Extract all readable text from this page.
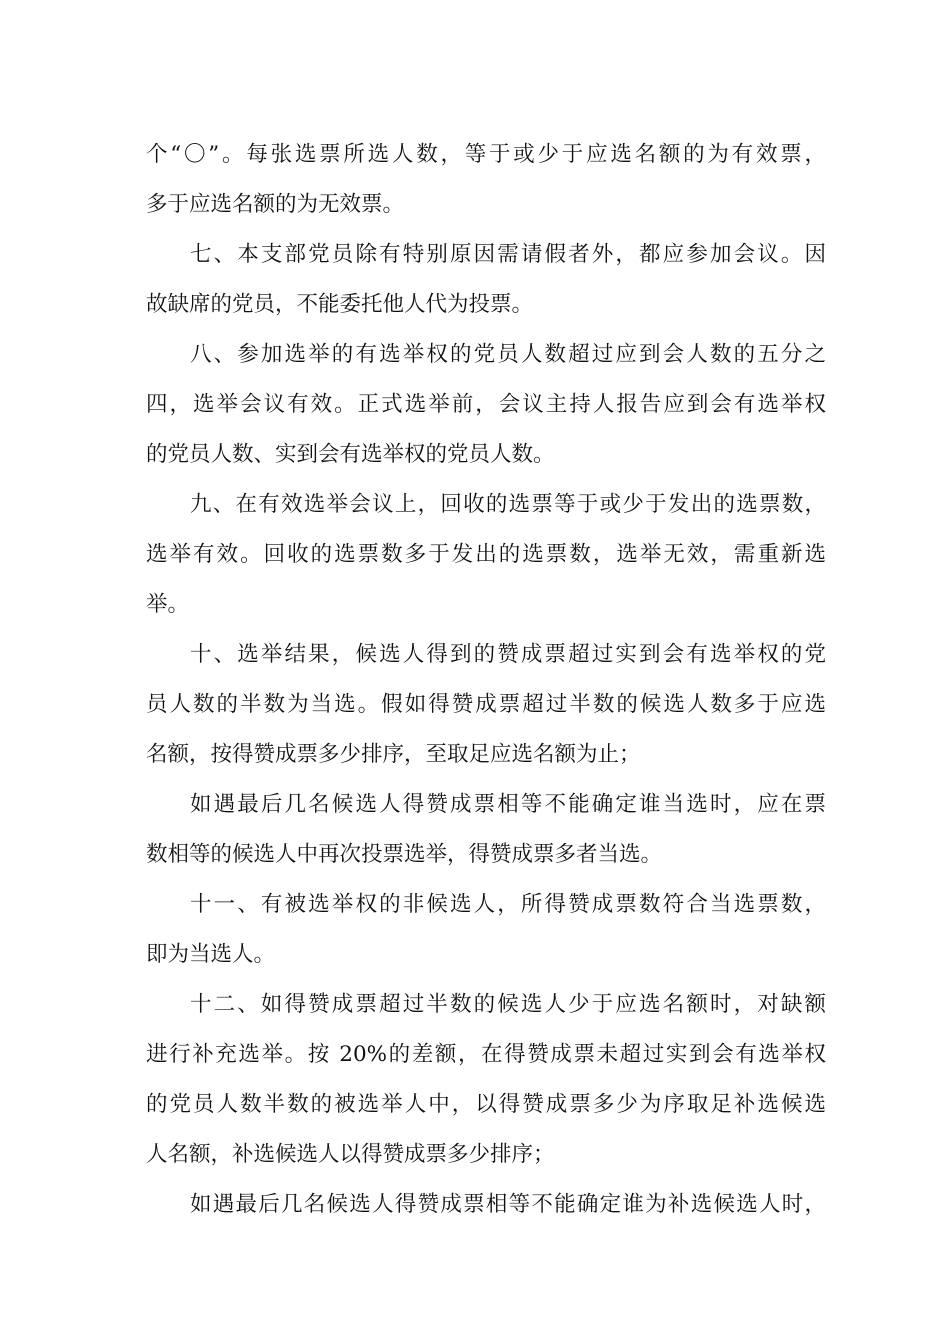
个“〇”。每张选票所选人数，等于或少于应选名额的为有效票，
多于应选名额的为无效票。
七、本支部党员除有特别原因需请假者外，都应参加会议。因
故缺席的党员，不能委托他人代为投票。
八、参加选举的有选举权的党员人数超过应到会人数的五分之
四，选举会议有效。正式选举前，会议主持人报告应到会有选举权
的党员人数、实到会有选举权的党员人数。
九、在有效选举会议上，回收的选票等于或少于发出的选票数，
选举有效。回收的选票数多于发出的选票数，选举无效，需重新选
举。
十、选举结果，候选人得到的赞成票超过实到会有选举权的党
员人数的半数为当选。假如得赞成票超过半数的候选人数多于应选
名额，按得赞成票多少排序，至取足应选名额为止；
如遇最后几名候选人得赞成票相等不能确定谁当选时，应在票
数相等的候选人中再次投票选举，得赞成票多者当选。
十一、有被选举权的非候选人，所得赞成票数符合当选票数，
即为当选人。
十二、如得赞成票超过半数的候选人少于应选名额时，对缺额
进行补充选举。按 20%的差额，在得赞成票未超过实到会有选举权
的党员人数半数的被选举人中，以得赞成票多少为序取足补选候选
人名额，补选候选人以得赞成票多少排序；
如遇最后几名候选人得赞成票相等不能确定谁为补选候选人时，
